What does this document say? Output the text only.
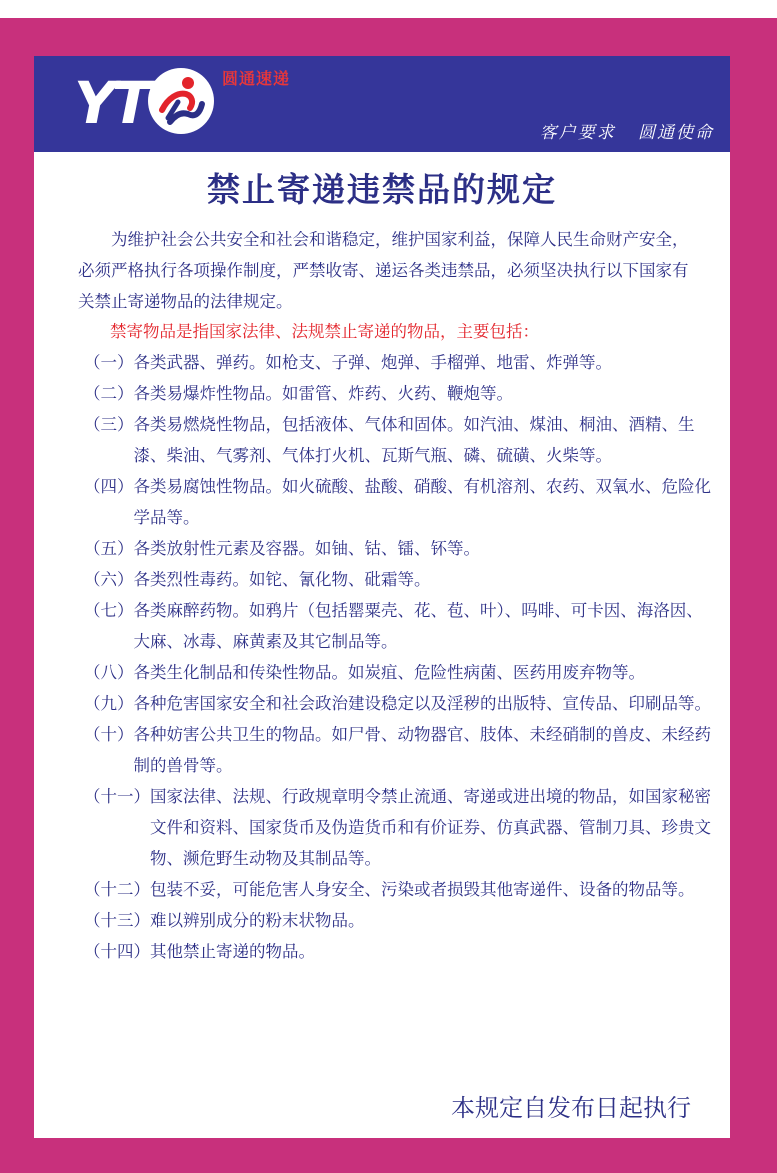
YT	圆通速递
客户要求   圆通使命
禁止寄递违禁品的规定

为维护社会公共安全和社会和谐稳定，维护国家利益，保障人民生命财产安全，必须严格执行各项操作制度，严禁收寄、递运各类违禁品，必须坚决执行以下国家有关禁止寄递物品的法律规定。

禁寄物品是指国家法律、法规禁止寄递的物品，主要包括：
（一） 各类武器、弹药。如枪支、子弹、炮弹、手榴弹、地雷、炸弹等。
（二） 各类易爆炸性物品。如雷管、炸药、火药、鞭炮等。
（三） 各类易燃烧性物品，包括液体、气体和固体。如汽油、煤油、桐油、酒精、生漆、柴油、气雾剂、气体打火机、瓦斯气瓶、磷、硫磺、火柴等。
（四） 各类易腐蚀性物品。如火硫酸、盐酸、硝酸、有机溶剂、农药、双氧水、危险化学品等。
（五） 各类放射性元素及容器。如铀、钴、镭、钚等。
（六） 各类烈性毒药。如铊、氰化物、砒霜等。
（七） 各类麻醉药物。如鸦片（包括罂粟壳、花、苞、叶）、吗啡、可卡因、海洛因、大麻、冰毒、麻黄素及其它制品等。
（八） 各类生化制品和传染性物品。如炭疽、危险性病菌、医药用废弃物等。
（九） 各种危害国家安全和社会政治建设稳定以及淫秽的出版特、宣传品、印刷品等。
（十） 各种妨害公共卫生的物品。如尸骨、动物器官、肢体、未经硝制的兽皮、未经药制的兽骨等。
（十一） 国家法律、法规、行政规章明令禁止流通、寄递或进出境的物品，如国家秘密文件和资料、国家货币及伪造货币和有价证券、仿真武器、管制刀具、珍贵文物、濒危野生动物及其制品等。
（十二） 包装不妥，可能危害人身安全、污染或者损毁其他寄递件、设备的物品等。
（十三） 难以辨别成分的粉末状物品。
（十四） 其他禁止寄递的物品。
本规定自发布日起执行
